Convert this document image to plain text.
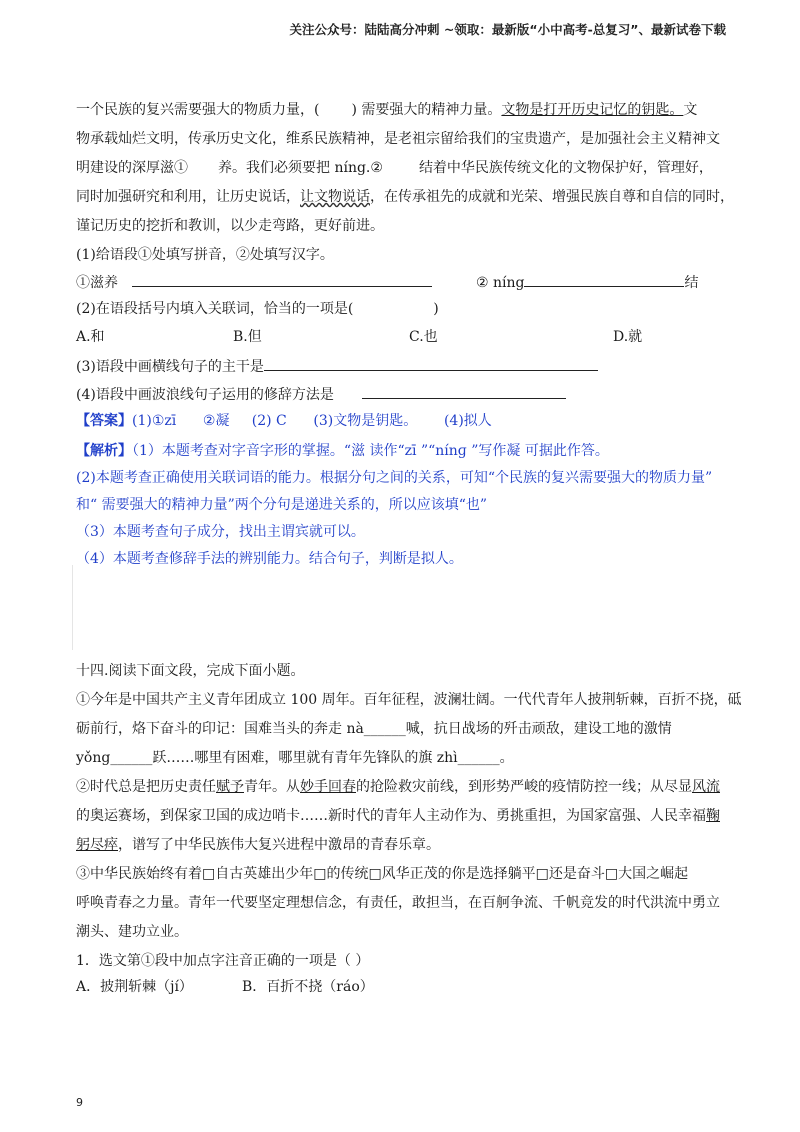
关注公众号：陆陆高分冲刺 ~领取：最新版“小中高考-总复习”、最新试卷下载

一个民族的复兴需要强大的物质力量，( ) 需要强大的精神力量。文物是打开历史记忆的钥匙。文

物承载灿烂文明，传承历史文化，维系民族精神，是老祖宗留给我们的宝贵遗产，是加强社会主义精神文

明建设的深厚滋① 养。我们必须要把 níng.②	结着中华民族传统文化的文物保护好，管理好，

同时加强研究和利用，让历史说话，让文物说话，在传承祖先的成就和光荣、增强民族自尊和自信的同时，

谨记历史的挖折和教训，以少走弯路，更好前进。

(1)给语段①处填写拼音，②处填写汉字。

①滋养	② níng	结
(2)在语段括号内填入关联词，恰当的一项是(	)
A.和	B.但	C.也	D.就
(3)语段中画横线句子的主干是
(4)语段中画波浪线句子运用的修辞方法是
【答案】 (1)①zī      ②凝     (2) C      (3)文物是钥匙。      (4)拟人

【解析】（1）本题考查对字音字形的掌握。“滋 读作“zī ”“nínɡ ”写作凝 可据此作答。

(2)本题考查正确使用关联词语的能力。根据分句之间的关系，可知“个民族的复兴需要强大的物质力量”

和“ 需要强大的精神力量”两个分句是递进关系的，所以应该填“也”

（3）本题考查句子成分，找出主谓宾就可以。

（4）本题考查修辞手法的辨别能力。结合句子，判断是拟人。

十四.阅读下面文段，完成下面小题。

①今年是中国共产主义青年团成立 100 周年。百年征程，波澜壮阔。一代代青年人披荆斩棘，百折不挠，砥

砺前行，烙下奋斗的印记：国难当头的奔走 nà______喊，抗日战场的歼击顽敌，建设工地的激情

yǒng______跃……哪里有困难，哪里就有青年先锋队的旗 zhì______。

②时代总是把历史责任赋予青年。从妙手回春的抢险救灾前线，到形势严峻的疫情防控一线；从尽显风流

的奥运赛场，到保家卫国的成边哨卡……新时代的青年人主动作为、勇挑重担，为国家富强、人民幸福鞠

躬尽瘁，谱写了中华民族伟大复兴进程中激昂的青春乐章。

③中华民族始终有着□自古英雄出少年□的传统□风华正茂的你是选择躺平□还是奋斗□大国之崛起

呼唤青春之力量。青年一代要坚定理想信念，有责任，敢担当，在百舸争流、千帆竞发的时代洪流中勇立

潮头、建功立业。

1．选文第①段中加点字注音正确的一项是（ ）

A．披荆斩棘（jí）	B．百折不挠（ráo）
9
